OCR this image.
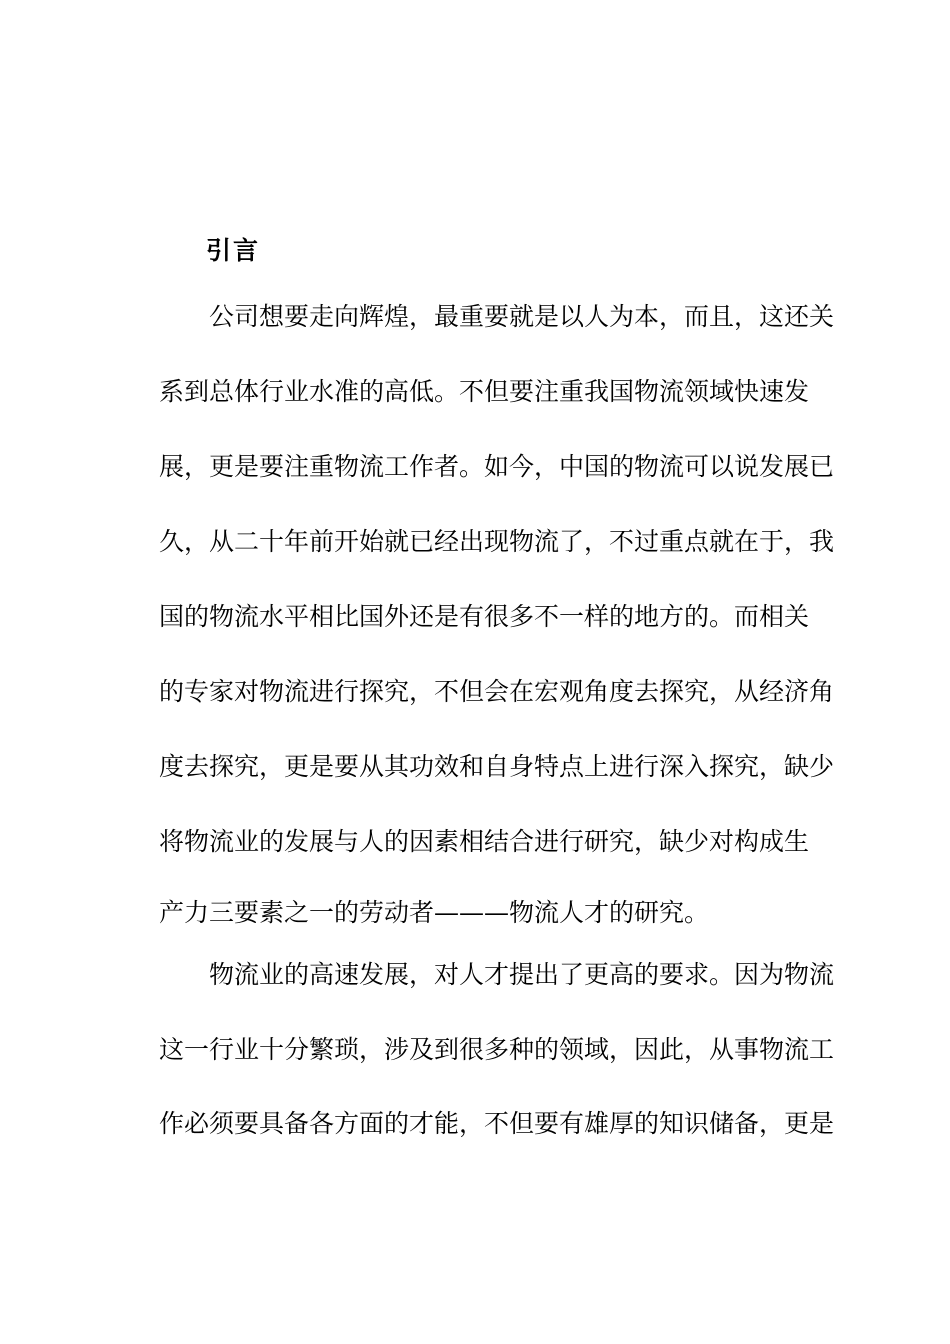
引言
公司想要走向辉煌，最重要就是以人为本，而且，这还关
系到总体行业水准的高低。不但要注重我国物流领域快速发
展，更是要注重物流工作者。如今，中国的物流可以说发展已
久，从二十年前开始就已经出现物流了，不过重点就在于，我
国的物流水平相比国外还是有很多不一样的地方的。而相关
的专家对物流进行探究，不但会在宏观角度去探究，从经济角
度去探究，更是要从其功效和自身特点上进行深入探究，缺少
将物流业的发展与人的因素相结合进行研究，缺少对构成生
产力三要素之一的劳动者———物流人才的研究。
物流业的高速发展，对人才提出了更高的要求。因为物流
这一行业十分繁琐，涉及到很多种的领域，因此，从事物流工
作必须要具备各方面的才能，不但要有雄厚的知识储备，更是
